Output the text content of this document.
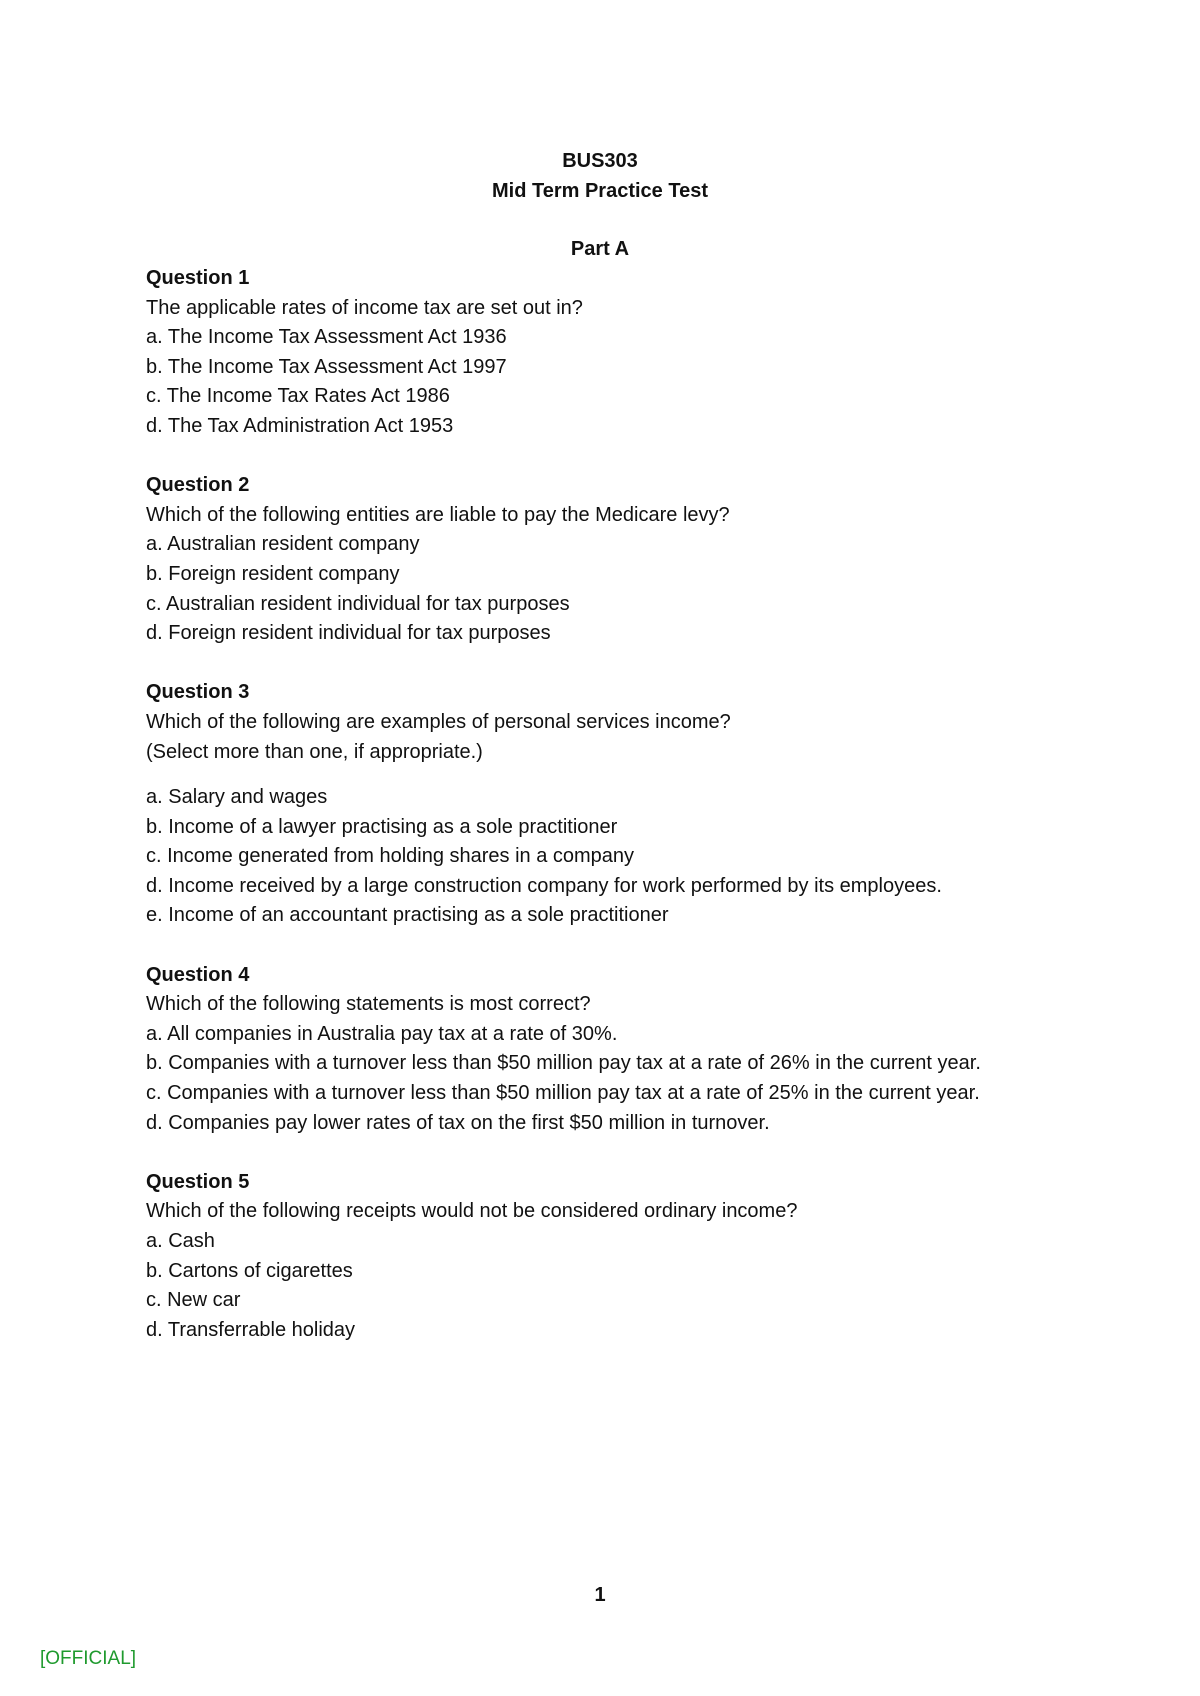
BUS303
Mid Term Practice Test
Part A
Question 1
The applicable rates of income tax are set out in?
a. The Income Tax Assessment Act 1936
b. The Income Tax Assessment Act 1997
c. The Income Tax Rates Act 1986
d. The Tax Administration Act 1953
Question 2
Which of the following entities are liable to pay the Medicare levy?
a. Australian resident company
b. Foreign resident company
c. Australian resident individual for tax purposes
d. Foreign resident individual for tax purposes
Question 3
Which of the following are examples of personal services income?
(Select more than one, if appropriate.)
a. Salary and wages
b. Income of a lawyer practising as a sole practitioner
c. Income generated from holding shares in a company
d. Income received by a large construction company for work performed by its employees.
e. Income of an accountant practising as a sole practitioner
Question 4
Which of the following statements is most correct?
a. All companies in Australia pay tax at a rate of 30%.
b. Companies with a turnover less than $50 million pay tax at a rate of 26% in the current year.
c. Companies with a turnover less than $50 million pay tax at a rate of 25% in the current year.
d. Companies pay lower rates of tax on the first $50 million in turnover.
Question 5
Which of the following receipts would not be considered ordinary income?
a. Cash
b. Cartons of cigarettes
c. New car
d. Transferrable holiday
1
[OFFICIAL]
